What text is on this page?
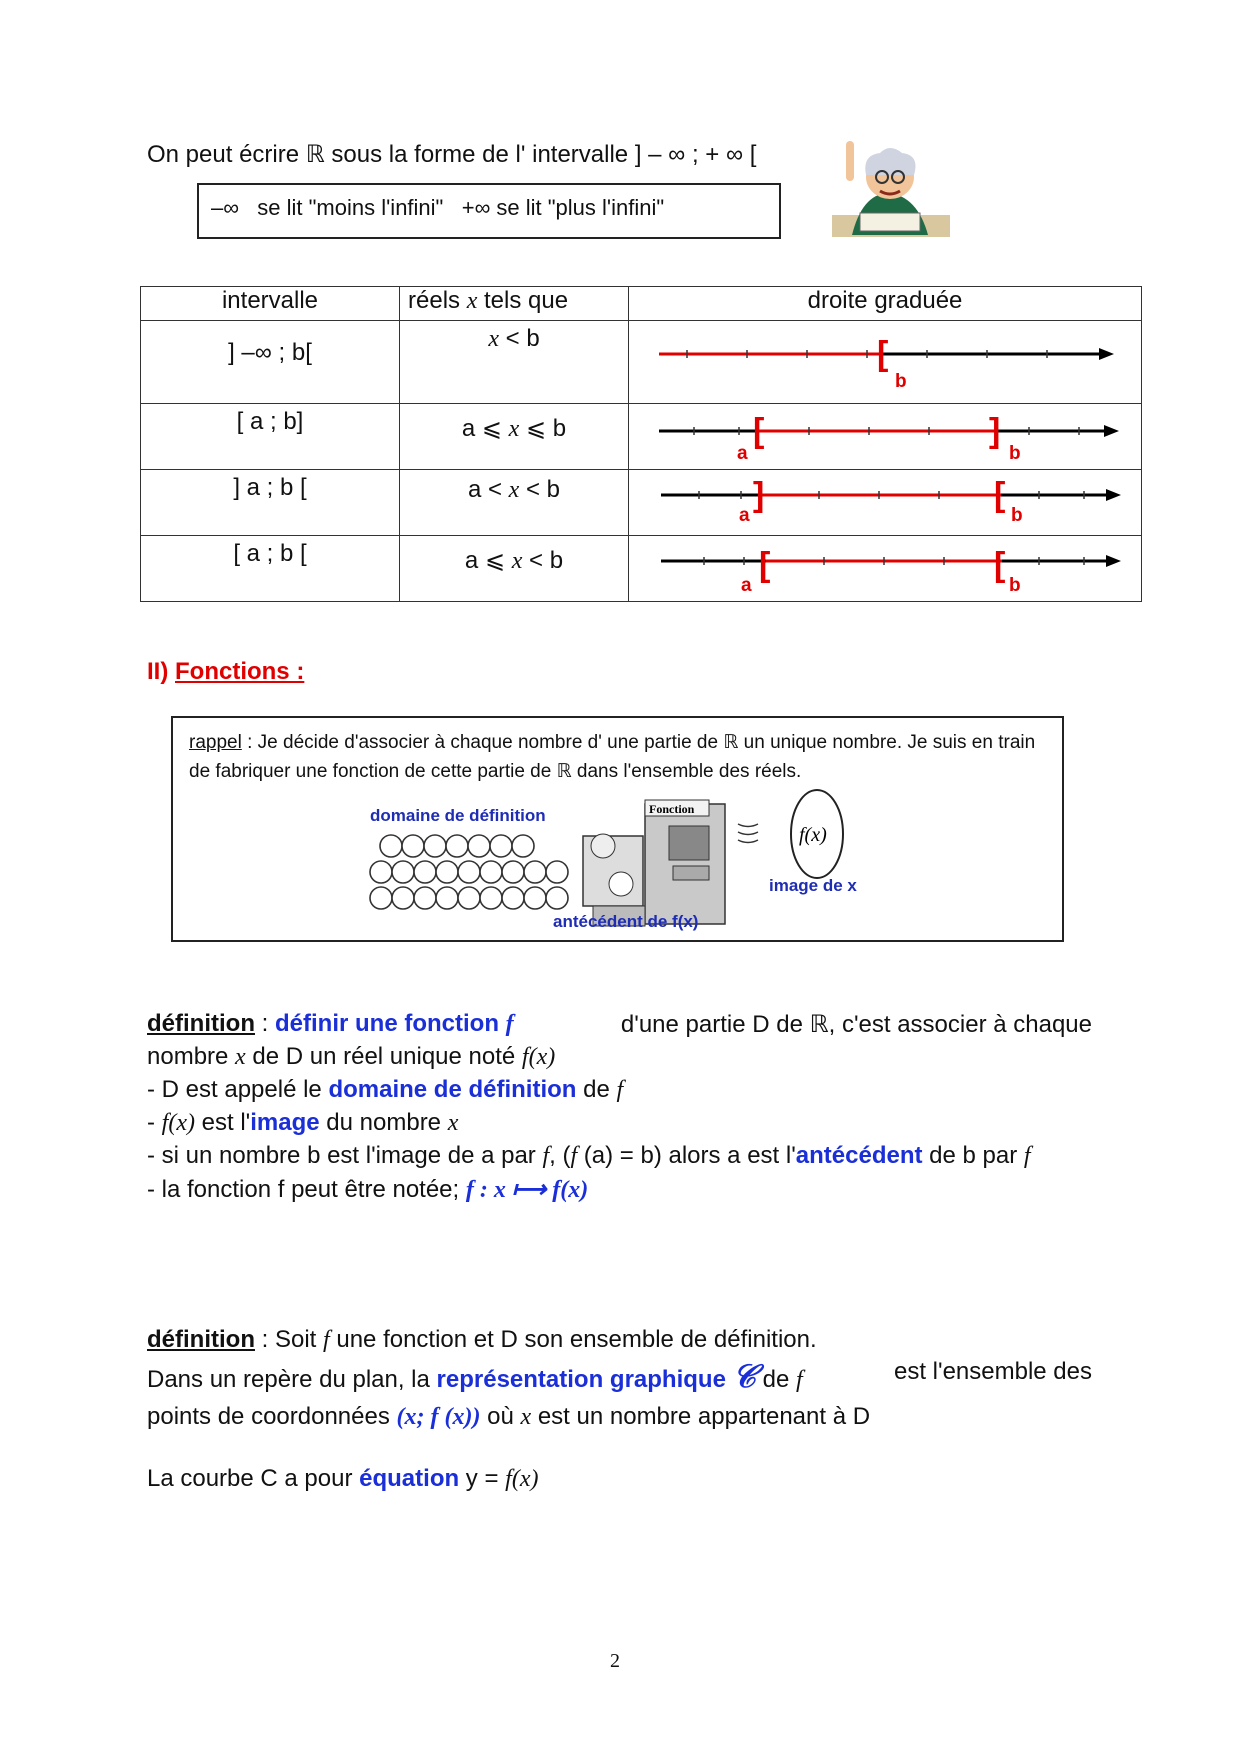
On peut écrire ℝ sous la forme de l' intervalle ] – ∞ ; + ∞ [
–∞ se lit "moins l'infini" +∞ se lit "plus l'infini"
intervalle	réels x tels que	droite graduée
] –∞ ; b[	x < b	[
b

[ a ; b]	a ⩽ x ⩽ b	[ ]
a b

] a ; b [	a < x < b	] [
a b

[ a ; b [	a ⩽ x < b	[ [
a b
II) Fonctions :
rappel : Je décide d'associer à chaque nombre d' une partie de ℝ un unique nombre. Je suis en train de fabriquer une fonction de cette partie de ℝ dans l'ensemble des réels.
domaine de définition	Fonction
f(x)
image de x
antécédent de f(x)
définition : définir une fonction f	d'une partie D de ℝ, c'est associer à chaque
nombre x de D un réel unique noté f(x)
- D est appelé le domaine de définition de f
- f(x) est l'image du nombre x
- si un nombre b est l'image de a par f, (f (a) = b) alors a est l'antécédent de b par f
- la fonction f peut être notée; f : x ⟼ f(x)
définition : Soit f une fonction et D son ensemble de définition.
Dans un repère du plan, la représentation graphique 𝒞 de f	est l'ensemble des
points de coordonnées (x; f (x)) où x est un nombre appartenant à D
La courbe C a pour équation y = f(x)
2
